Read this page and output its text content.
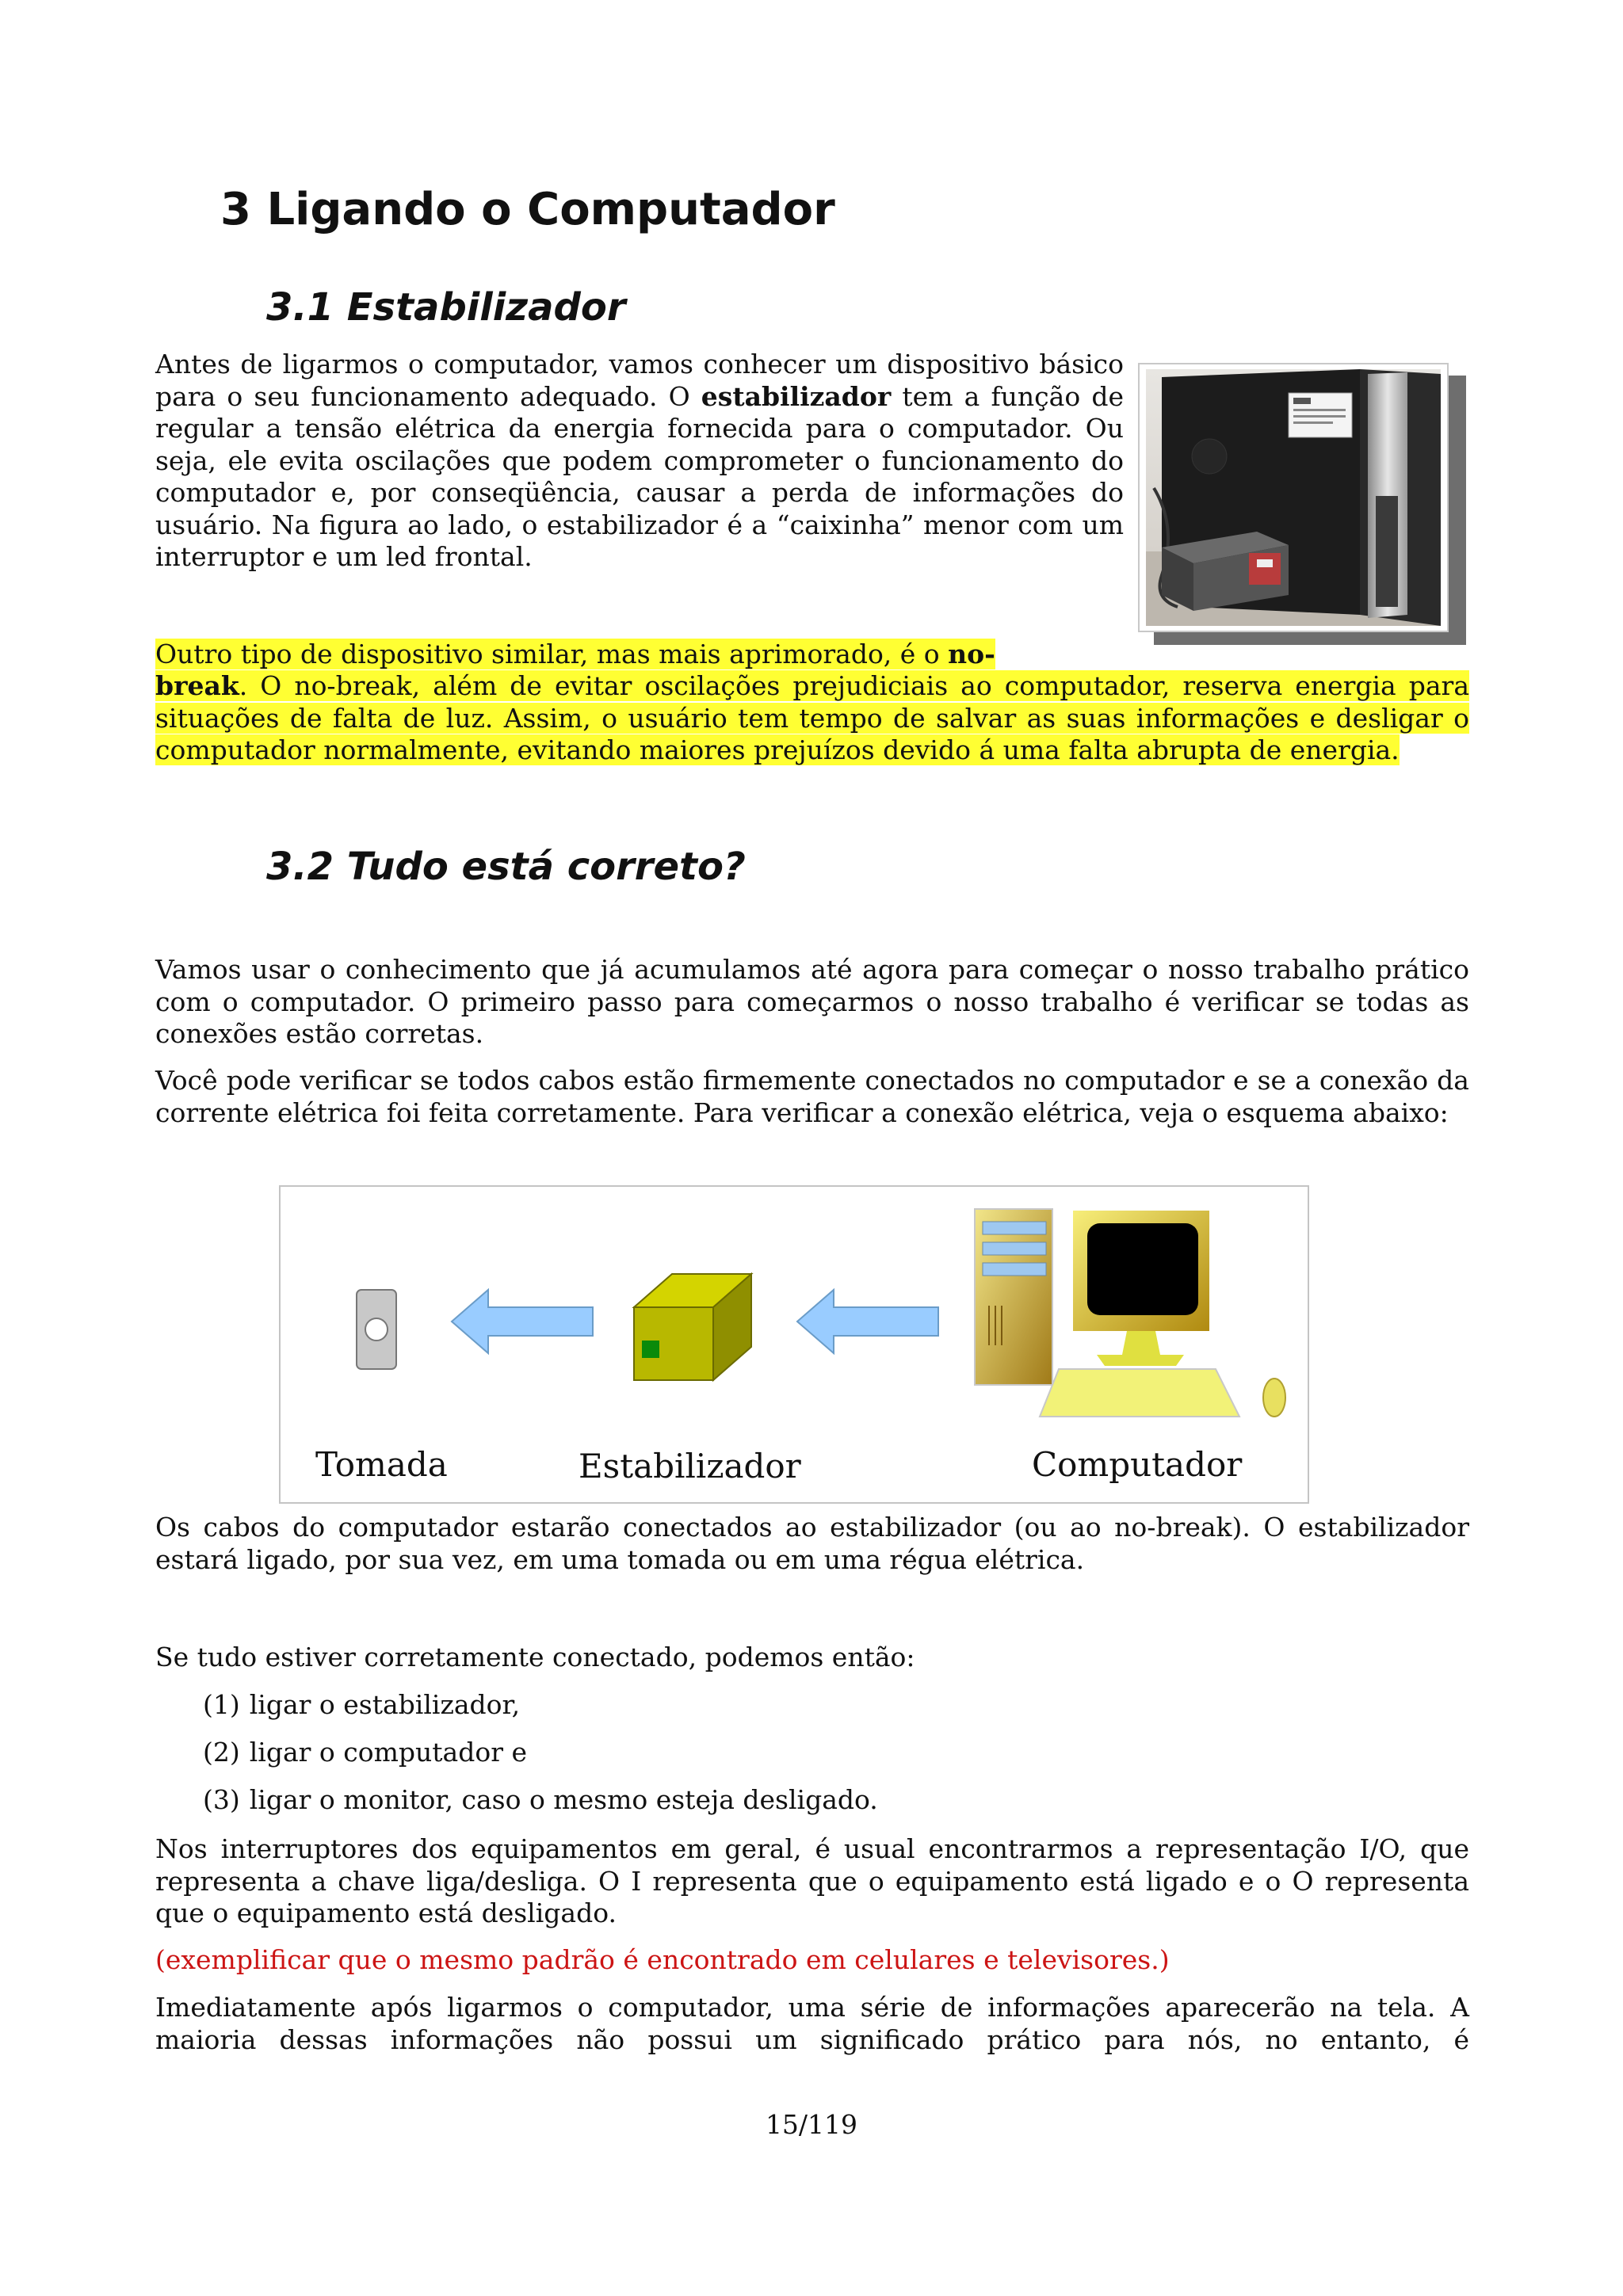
3 Ligando o Computador
3.1 Estabilizador

Antes de ligarmos o computador, vamos conhecer um dispositivo básico para o seu funcionamento adequado. O estabilizador tem a função de regular a tensão elétrica da energia fornecida para o computador. Ou seja, ele evita oscilações que podem comprometer o funcionamento do computador e, por conseqüência, causar a perda de informações do usuário. Na figura ao lado, o estabilizador é a “caixinha” menor com um interruptor e um led frontal.

Outro tipo de dispositivo similar, mas mais aprimorado, é o no-

break. O no-break, além de evitar oscilações prejudiciais ao computador, reserva energia para situações de falta de luz. Assim, o usuário tem tempo de salvar as suas informações e desligar o computador normalmente, evitando maiores prejuízos devido á uma falta abrupta de energia.

3.2 Tudo está correto?

Vamos usar o conhecimento que já acumulamos até agora para começar o nosso trabalho prático com o computador. O primeiro passo para começarmos o nosso trabalho é verificar se todas as conexões estão corretas.

Você pode verificar se todos cabos estão firmemente conectados no computador e se a conexão da corrente elétrica foi feita corretamente. Para verificar a conexão elétrica, veja o esquema abaixo:

Tomada	Estabilizador	Computador

Os cabos do computador estarão conectados ao estabilizador (ou ao no-break). O estabilizador estará ligado, por sua vez, em uma tomada ou em uma régua elétrica.

Se tudo estiver corretamente conectado, podemos então:

(1) ligar o estabilizador,

(2) ligar o computador e

(3) ligar o monitor, caso o mesmo esteja desligado.

Nos interruptores dos equipamentos em geral, é usual encontrarmos a representação I/O, que representa a chave liga/desliga. O I representa que o equipamento está ligado e o O representa que o equipamento está desligado.

(exemplificar que o mesmo padrão é encontrado em celulares e televisores.)

Imediatamente após ligarmos o computador, uma série de informações aparecerão na tela. A maioria dessas informações não possui um significado prático para nós, no entanto, é

15/119
